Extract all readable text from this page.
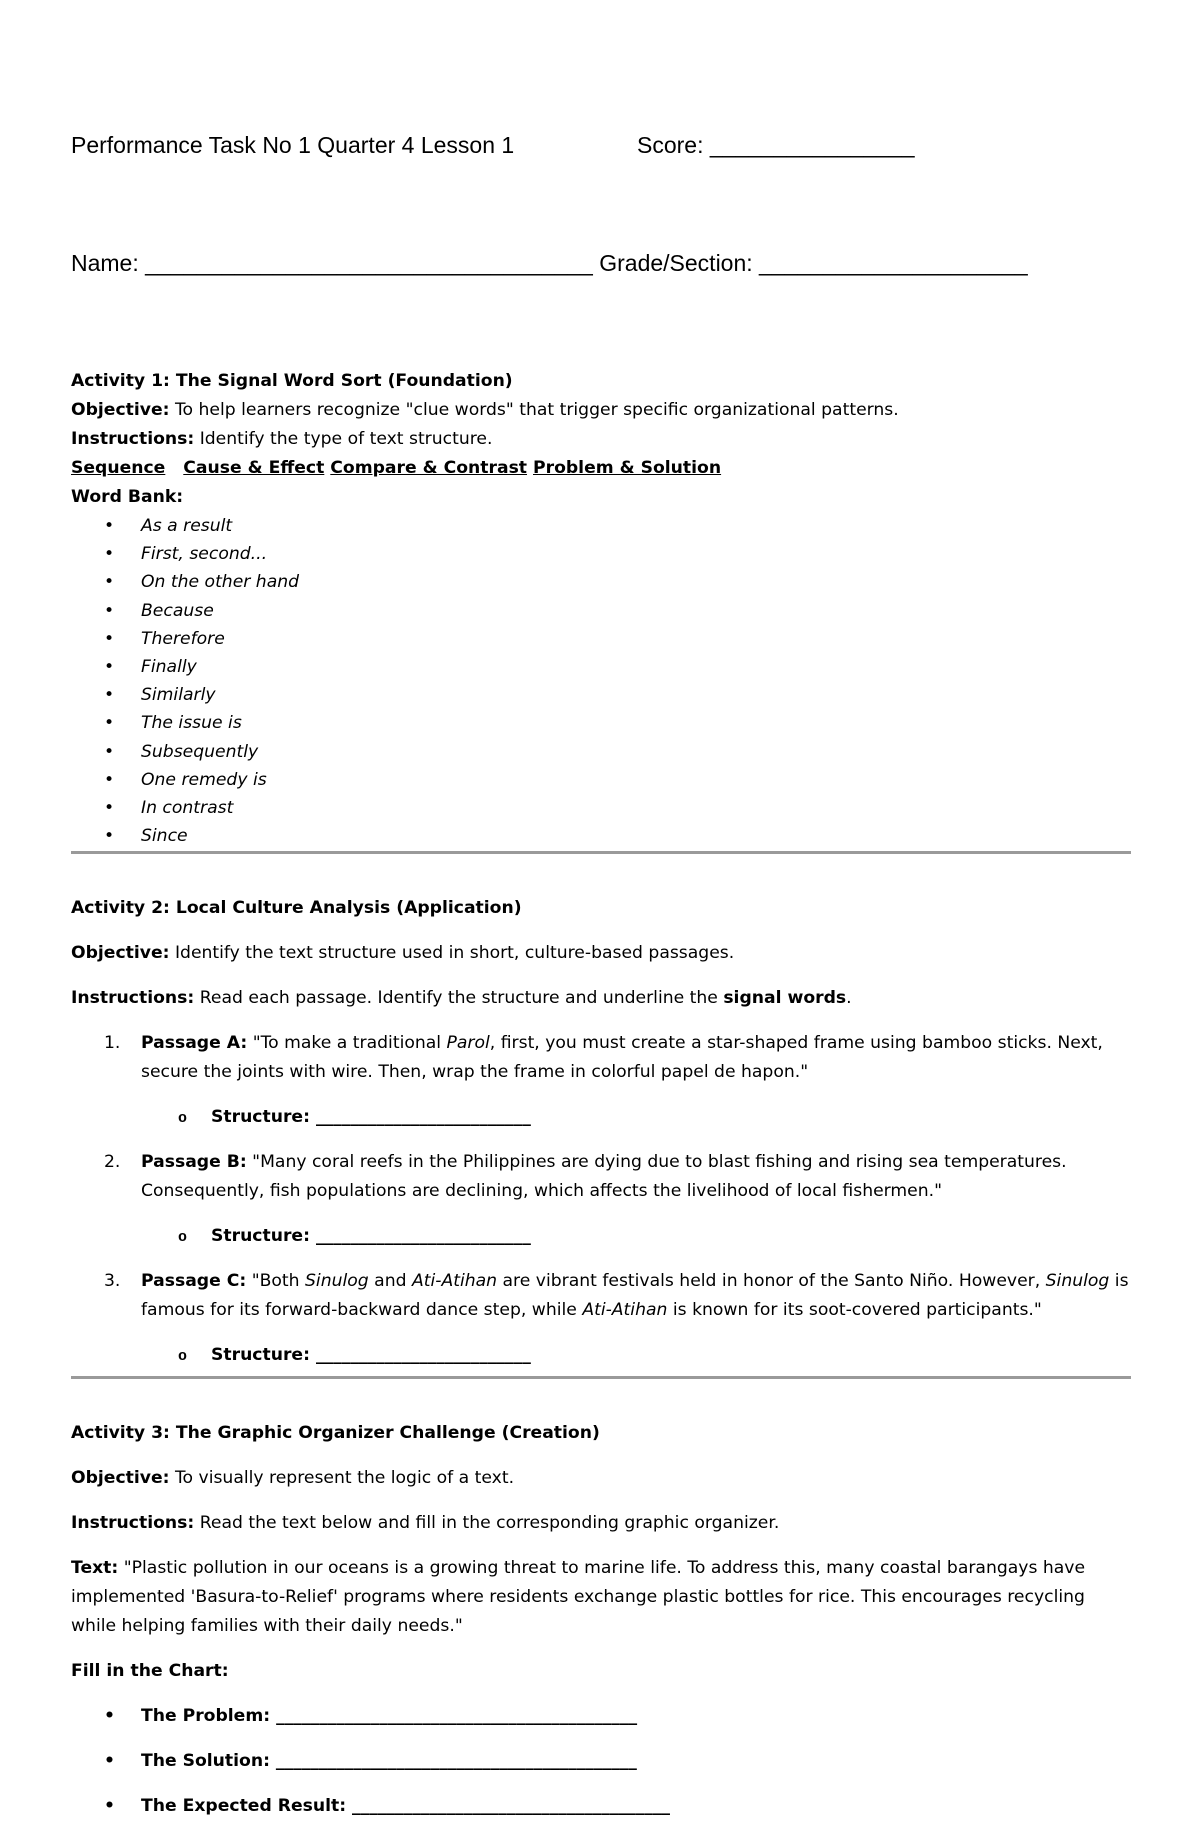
Performance Task No 1 Quarter 4 Lesson 1	Score: ________________

Name: ___________________________________
Grade/Section: _____________________

Activity 1: The Signal Word Sort (Foundation)
Objective: To help learners recognize "clue words" that trigger specific organizational patterns.
Instructions: Identify the type of text structure.
Sequence Cause & Effect Compare & Contrast Problem & Solution
Word Bank:
• As a result
• First, second...
• On the other hand
• Because
• Therefore
• Finally
• Similarly
• The issue is
• Subsequently
• One remedy is
• In contrast
• Since
Activity 2: Local Culture Analysis (Application)
Objective: Identify the text structure used in short, culture-based passages.
Instructions: Read each passage. Identify the structure and underline the signal words.
1. Passage A: "To make a traditional Parol, first, you must create a star-shaped frame using bamboo sticks. Next,
secure the joints with wire. Then, wrap the frame in colorful papel de hapon."
o Structure: _________________________
2. Passage B: "Many coral reefs in the Philippines are dying due to blast fishing and rising sea temperatures.
Consequently, fish populations are declining, which affects the livelihood of local fishermen."
o Structure: _________________________
3. Passage C: "Both Sinulog and Ati-Atihan are vibrant festivals held in honor of the Santo Niño. However, Sinulog is
famous for its forward-backward dance step, while Ati-Atihan is known for its soot-covered participants."
o Structure: _________________________
Activity 3: The Graphic Organizer Challenge (Creation)
Objective: To visually represent the logic of a text.
Instructions: Read the text below and fill in the corresponding graphic organizer.
Text: "Plastic pollution in our oceans is a growing threat to marine life. To address this, many coastal barangays have
implemented 'Basura-to-Relief' programs where residents exchange plastic bottles for rice. This encourages recycling
while helping families with their daily needs."
Fill in the Chart:
• The Problem: __________________________________________
• The Solution: __________________________________________
• The Expected Result: _____________________________________
